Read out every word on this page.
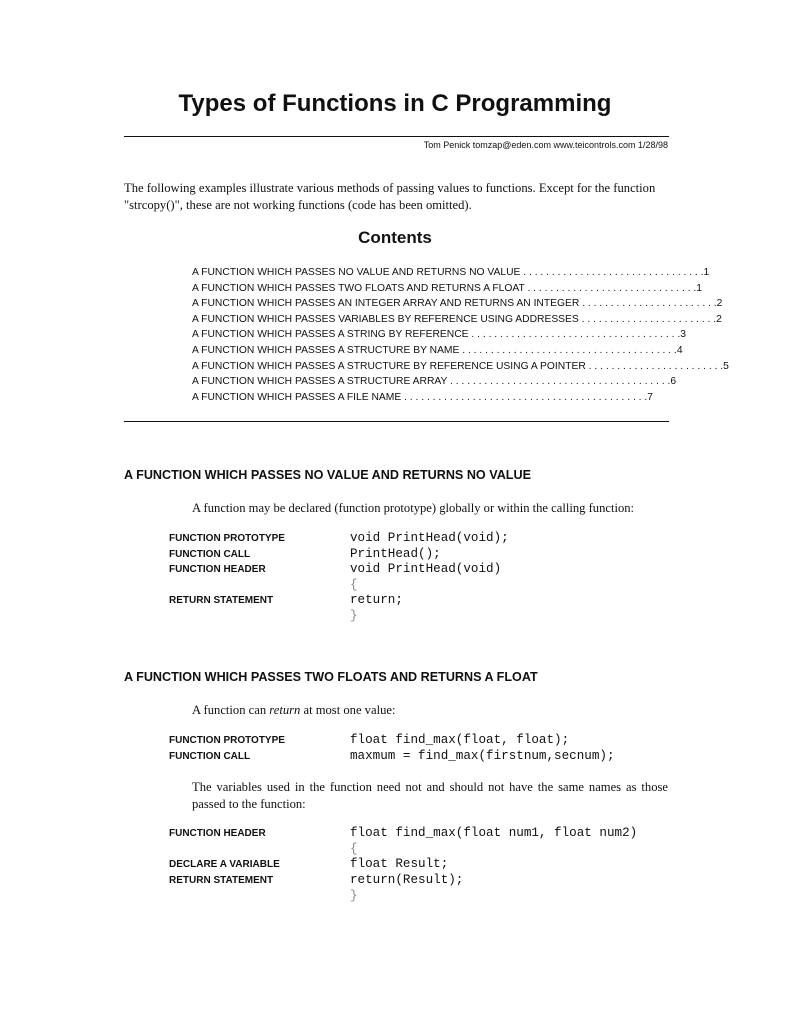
Types of Functions in C Programming
Tom Penick tomzap@eden.com www.teicontrols.com 1/28/98
The following examples illustrate various methods of passing values to functions. Except for the function "strcopy()", these are not working functions (code has been omitted).
Contents
A FUNCTION WHICH PASSES NO VALUE AND RETURNS NO VALUE . . . . . . . . . . . . . . . . . . . . . . . . . . . . . . . . 1
A FUNCTION WHICH PASSES TWO FLOATS AND RETURNS A FLOAT . . . . . . . . . . . . . . . . . . . . . . . . . . . . . . 1
A FUNCTION WHICH PASSES AN INTEGER ARRAY AND RETURNS AN INTEGER . . . . . . . . . . . . . . . . . . . . . . . . 2
A FUNCTION WHICH PASSES VARIABLES BY REFERENCE USING ADDRESSES . . . . . . . . . . . . . . . . . . . . . . . . 2
A FUNCTION WHICH PASSES A STRING BY REFERENCE . . . . . . . . . . . . . . . . . . . . . . . . . . . . . . . . . . . . . 3
A FUNCTION WHICH PASSES A STRUCTURE BY NAME . . . . . . . . . . . . . . . . . . . . . . . . . . . . . . . . . . . . . . 4
A FUNCTION WHICH PASSES A STRUCTURE BY REFERENCE USING A POINTER . . . . . . . . . . . . . . . . . . . . . . . . 5
A FUNCTION WHICH PASSES A STRUCTURE ARRAY . . . . . . . . . . . . . . . . . . . . . . . . . . . . . . . . . . . . . . . 6
A FUNCTION WHICH PASSES A FILE NAME . . . . . . . . . . . . . . . . . . . . . . . . . . . . . . . . . . . . . . . . . . . 7
A FUNCTION WHICH PASSES NO VALUE AND RETURNS NO VALUE
A function may be declared (function prototype) globally or within the calling function:
FUNCTION PROTOTYPE	void PrintHead(void);
FUNCTION CALL	PrintHead();
FUNCTION HEADER	void PrintHead(void)
{
RETURN STATEMENT	return;
}
A FUNCTION WHICH PASSES TWO FLOATS AND RETURNS A FLOAT
A function can return at most one value:
FUNCTION PROTOTYPE	float find_max(float, float);
FUNCTION CALL	maxmum = find_max(firstnum,secnum);
The variables used in the function need not and should not have the same names as those passed to the function:
FUNCTION HEADER	float find_max(float num1, float num2)
{
DECLARE A VARIABLE	float Result;
RETURN STATEMENT	return(Result);
}
